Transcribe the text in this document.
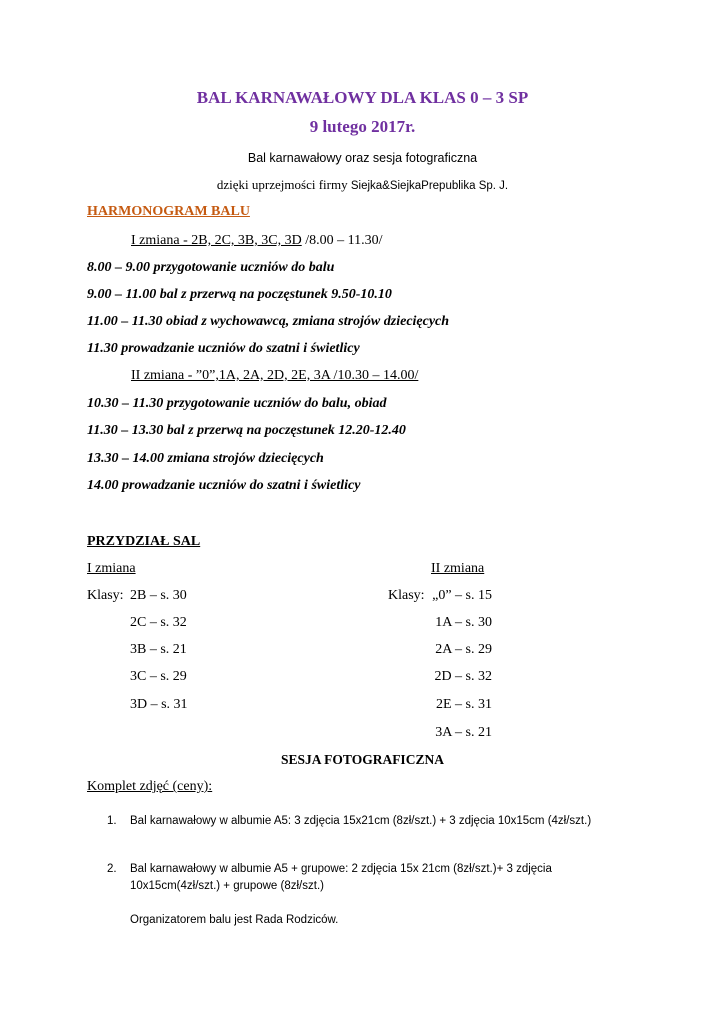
BAL KARNAWAŁOWY DLA KLAS 0 – 3 SP
9 lutego 2017r.
Bal karnawałowy oraz sesja fotograficzna
dzięki uprzejmości firmy Siejka&SiejkaPrepublika Sp. J.
HARMONOGRAM BALU
I zmiana - 2B, 2C, 3B, 3C, 3D /8.00 – 11.30/
8.00 – 9.00 przygotowanie uczniów do balu
9.00 – 11.00 bal z przerwą na poczęstunek 9.50-10.10
11.00 – 11.30 obiad z wychowawcą, zmiana strojów dziecięcych
11.30 prowadzanie uczniów do szatni i świetlicy
II zmiana - ”0”,1A, 2A, 2D, 2E, 3A /10.30 – 14.00/
10.30 – 11.30 przygotowanie uczniów do balu, obiad
11.30 – 13.30 bal z przerwą na poczęstunek 12.20-12.40
13.30 – 14.00 zmiana strojów dziecięcych
14.00 prowadzanie uczniów do szatni i świetlicy
PRZYDZIAŁ SAL
I zmiana	II zmiana
Klasy: 2B – s. 30
2C – s. 32
3B – s. 21
3C – s. 29
3D – s. 31
Klasy: „0” – s. 15
1A – s. 30
2A – s. 29
2D – s. 32
2E – s. 31
3A – s. 21
SESJA FOTOGRAFICZNA
Komplet zdjęć (ceny):
1. Bal karnawałowy w albumie A5: 3 zdjęcia 15x21cm (8zł/szt.) + 3 zdjęcia 10x15cm (4zł/szt.)
2. Bal karnawałowy w albumie A5 + grupowe: 2 zdjęcia 15x 21cm (8zł/szt.)+ 3 zdjęcia
10x15cm(4zł/szt.) + grupowe (8zł/szt.)
Organizatorem balu jest Rada Rodziców.
